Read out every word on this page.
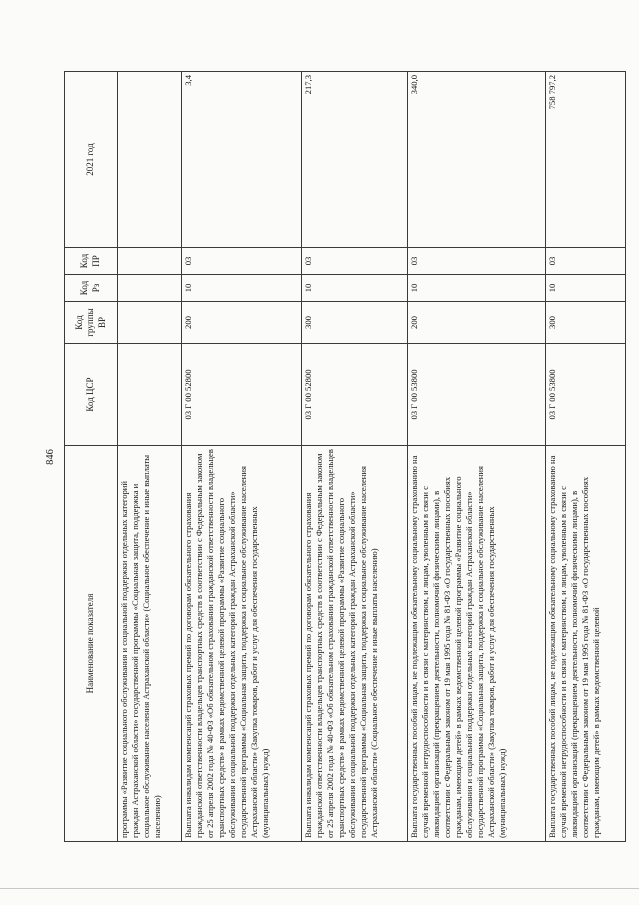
846
Наименование показателя	Код ЦСР	Код группы ВР	Код Рз	Код ПР	2021 год
программы «Развитие социального обслуживания и социальной поддержки отдельных категорий граждан Астраханской области» государственной программы «Социальная защита, поддержка и социальное обслуживание населения Астраханской области» (Социальное обеспечение и иные выплаты населению)					
Выплата инвалидам компенсаций страховых премий по договорам обязательного страхования гражданской ответственности владельцев транспортных средств в соответствии с Федеральным законом от 25 апреля 2002 года № 40-ФЗ «Об обязательном страховании гражданской ответственности владельцев транспортных средств» в рамках ведомственной целевой программы «Развитие социального обслуживания и социальной поддержки отдельных категорий граждан Астраханской области» государственной программы «Социальная защита, поддержка и социальное обслуживание населения Астраханской области» (Закупка товаров, работ и услуг для обеспечения государственных (муниципальных) нужд)	03 Г 00 52800	200	10	03	3,4
Выплата инвалидам компенсаций страховых премий по договорам обязательного страхования гражданской ответственности владельцев транспортных средств в соответствии с Федеральным законом от 25 апреля 2002 года № 40-ФЗ «Об обязательном страховании гражданской ответственности владельцев транспортных средств» в рамках ведомственной целевой программы «Развитие социального обслуживания и социальной поддержки отдельных категорий граждан Астраханской области» государственной программы «Социальная защита, поддержка и социальное обслуживание населения Астраханской области» (Социальное обеспечение и иные выплаты населению)	03 Г 00 52800	300	10	03	217,3
Выплата государственных пособий лицам, не подлежащим обязательному социальному страхованию на случай временной нетрудоспособности и в связи с материнством, и лицам, уволенным в связи с ликвидацией организаций (прекращением деятельности, полномочий физическими лицами), в соответствии с Федеральным законом от 19 мая 1995 года № 81-ФЗ «О государственных пособиях гражданам, имеющим детей» в рамках ведомственной целевой программы «Развитие социального обслуживания и социальной поддержки отдельных категорий граждан Астраханской области» государственной программы «Социальная защита, поддержка и социальное обслуживание населения Астраханской области» (Закупка товаров, работ и услуг для обеспечения государственных (муниципальных) нужд)	03 Г 00 53800	200	10	03	340,0
Выплата государственных пособий лицам, не подлежащим обязательному социальному страхованию на случай временной нетрудоспособности и в связи с материнством, и лицам, уволенным в связи с ликвидацией организаций (прекращением деятельности, полномочий физическими лицами), в соответствии с Федеральным законом от 19 мая 1995 года № 81-ФЗ «О государственных пособиях гражданам, имеющим детей» в рамках ведомственной целевой	03 Г 00 53800	300	10	03	758 797,2
